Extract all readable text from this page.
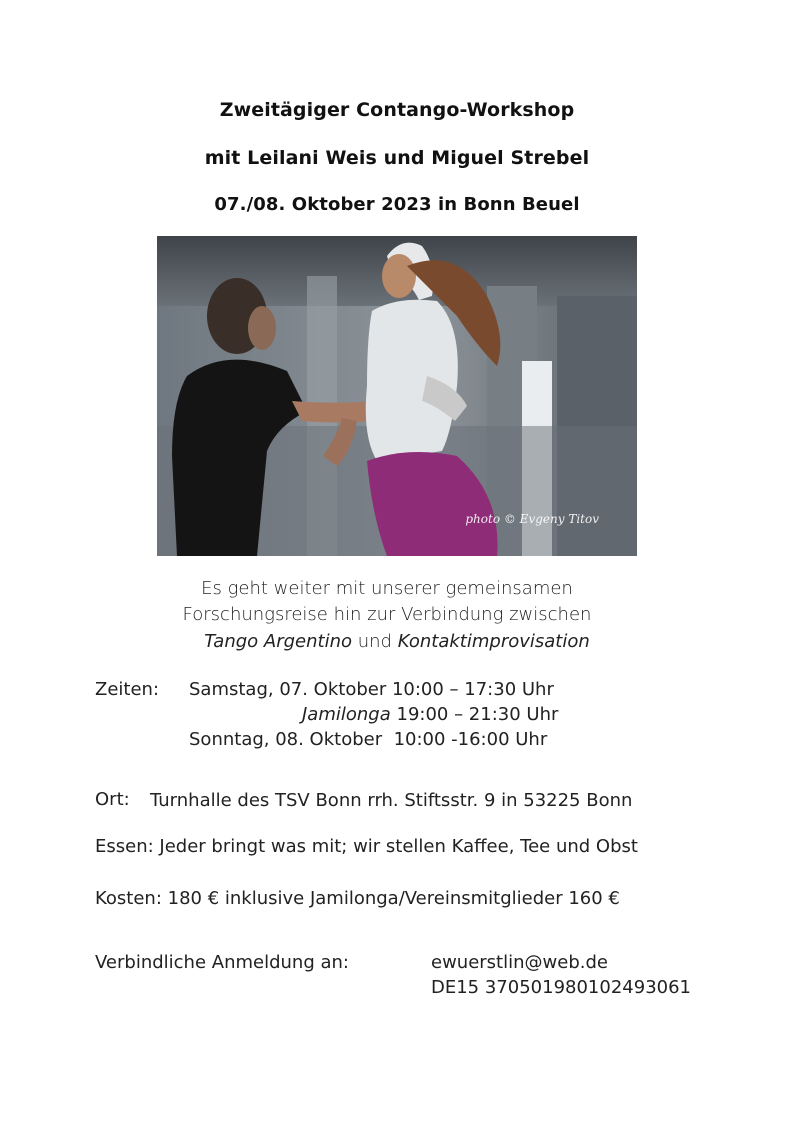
Zweitägiger Contango-Workshop
mit Leilani Weis und Miguel Strebel
07./08. Oktober 2023 in Bonn Beuel
photo © Evgeny Titov
Es geht weiter mit unserer gemeinsamen
Forschungsreise hin zur Verbindung zwischen
Tango Argentino und Kontaktimprovisation
Zeiten: Samstag, 07. Oktober 10:00 – 17:30 Uhr
Jamilonga 19:00 – 21:30 Uhr
Sonntag, 08. Oktober  10:00 -16:00 Uhr
Ort: Turnhalle des TSV Bonn rrh. Stiftsstr. 9 in 53225 Bonn
Essen: Jeder bringt was mit; wir stellen Kaffee, Tee und Obst
Kosten: 180 € inklusive Jamilonga/Vereinsmitglieder 160 €
Verbindliche Anmeldung an:	ewuerstlin@web.de
DE15 370501980102493061
